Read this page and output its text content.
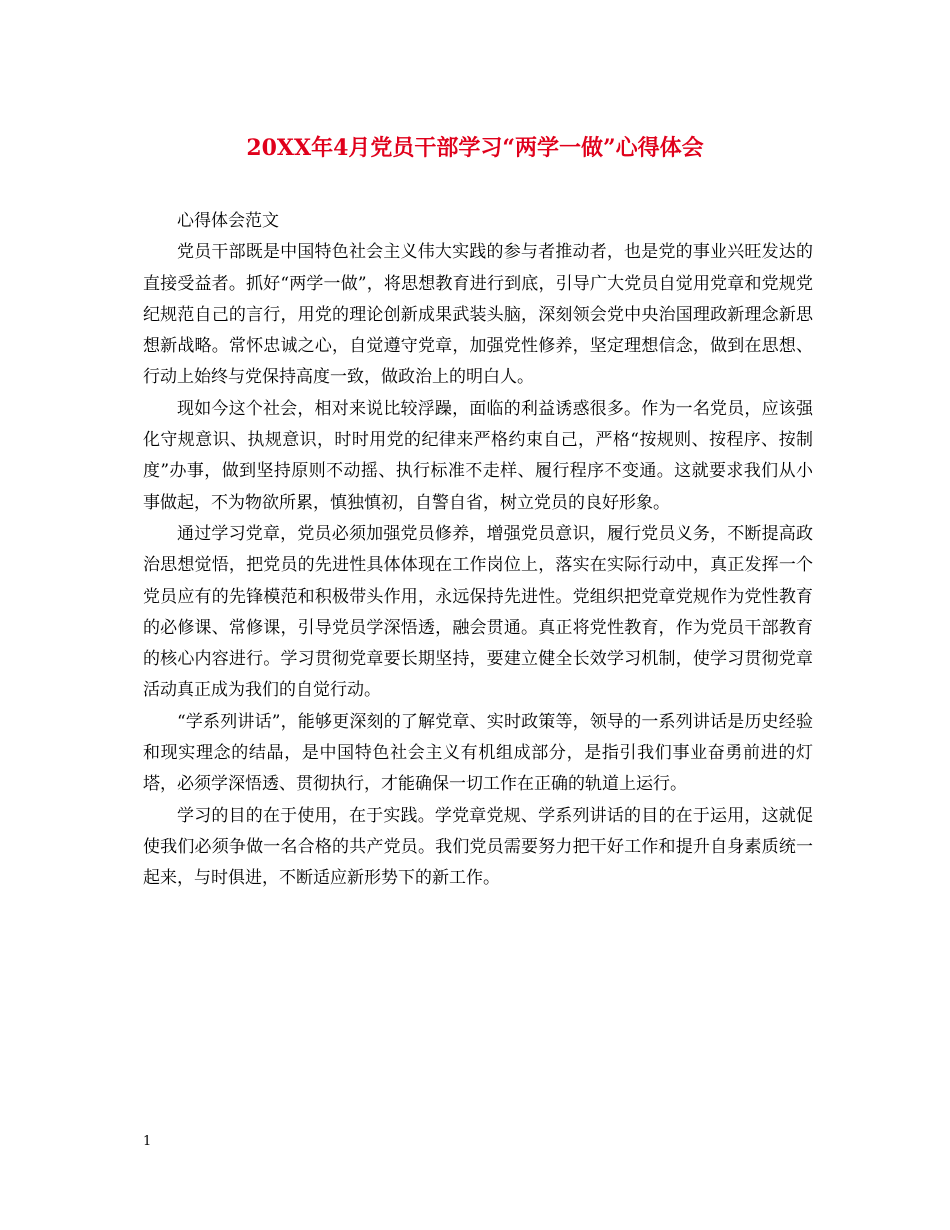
20XX年4月党员干部学习“两学一做”心得体会

心得体会范文

党员干部既是中国特色社会主义伟大实践的参与者推动者，也是党的事业兴旺发达的直接受益者。抓好“两学一做”，将思想教育进行到底，引导广大党员自觉用党章和党规党纪规范自己的言行，用党的理论创新成果武装头脑，深刻领会党中央治国理政新理念新思想新战略。常怀忠诚之心，自觉遵守党章，加强党性修养，坚定理想信念，做到在思想、行动上始终与党保持高度一致，做政治上的明白人。

现如今这个社会，相对来说比较浮躁，面临的利益诱惑很多。作为一名党员，应该强化守规意识、执规意识，时时用党的纪律来严格约束自己，严格“按规则、按程序、按制度”办事，做到坚持原则不动摇、执行标准不走样、履行程序不变通。这就要求我们从小事做起，不为物欲所累，慎独慎初，自警自省，树立党员的良好形象。

通过学习党章，党员必须加强党员修养，增强党员意识，履行党员义务，不断提高政治思想觉悟，把党员的先进性具体体现在工作岗位上，落实在实际行动中，真正发挥一个党员应有的先锋模范和积极带头作用，永远保持先进性。党组织把党章党规作为党性教育的必修课、常修课，引导党员学深悟透，融会贯通。真正将党性教育，作为党员干部教育的核心内容进行。学习贯彻党章要长期坚持，要建立健全长效学习机制，使学习贯彻党章活动真正成为我们的自觉行动。

“学系列讲话”，能够更深刻的了解党章、实时政策等，领导的一系列讲话是历史经验和现实理念的结晶，是中国特色社会主义有机组成部分，是指引我们事业奋勇前进的灯塔，必须学深悟透、贯彻执行，才能确保一切工作在正确的轨道上运行。

学习的目的在于使用，在于实践。学党章党规、学系列讲话的目的在于运用，这就促使我们必须争做一名合格的共产党员。我们党员需要努力把干好工作和提升自身素质统一起来，与时俱进，不断适应新形势下的新工作。

1
